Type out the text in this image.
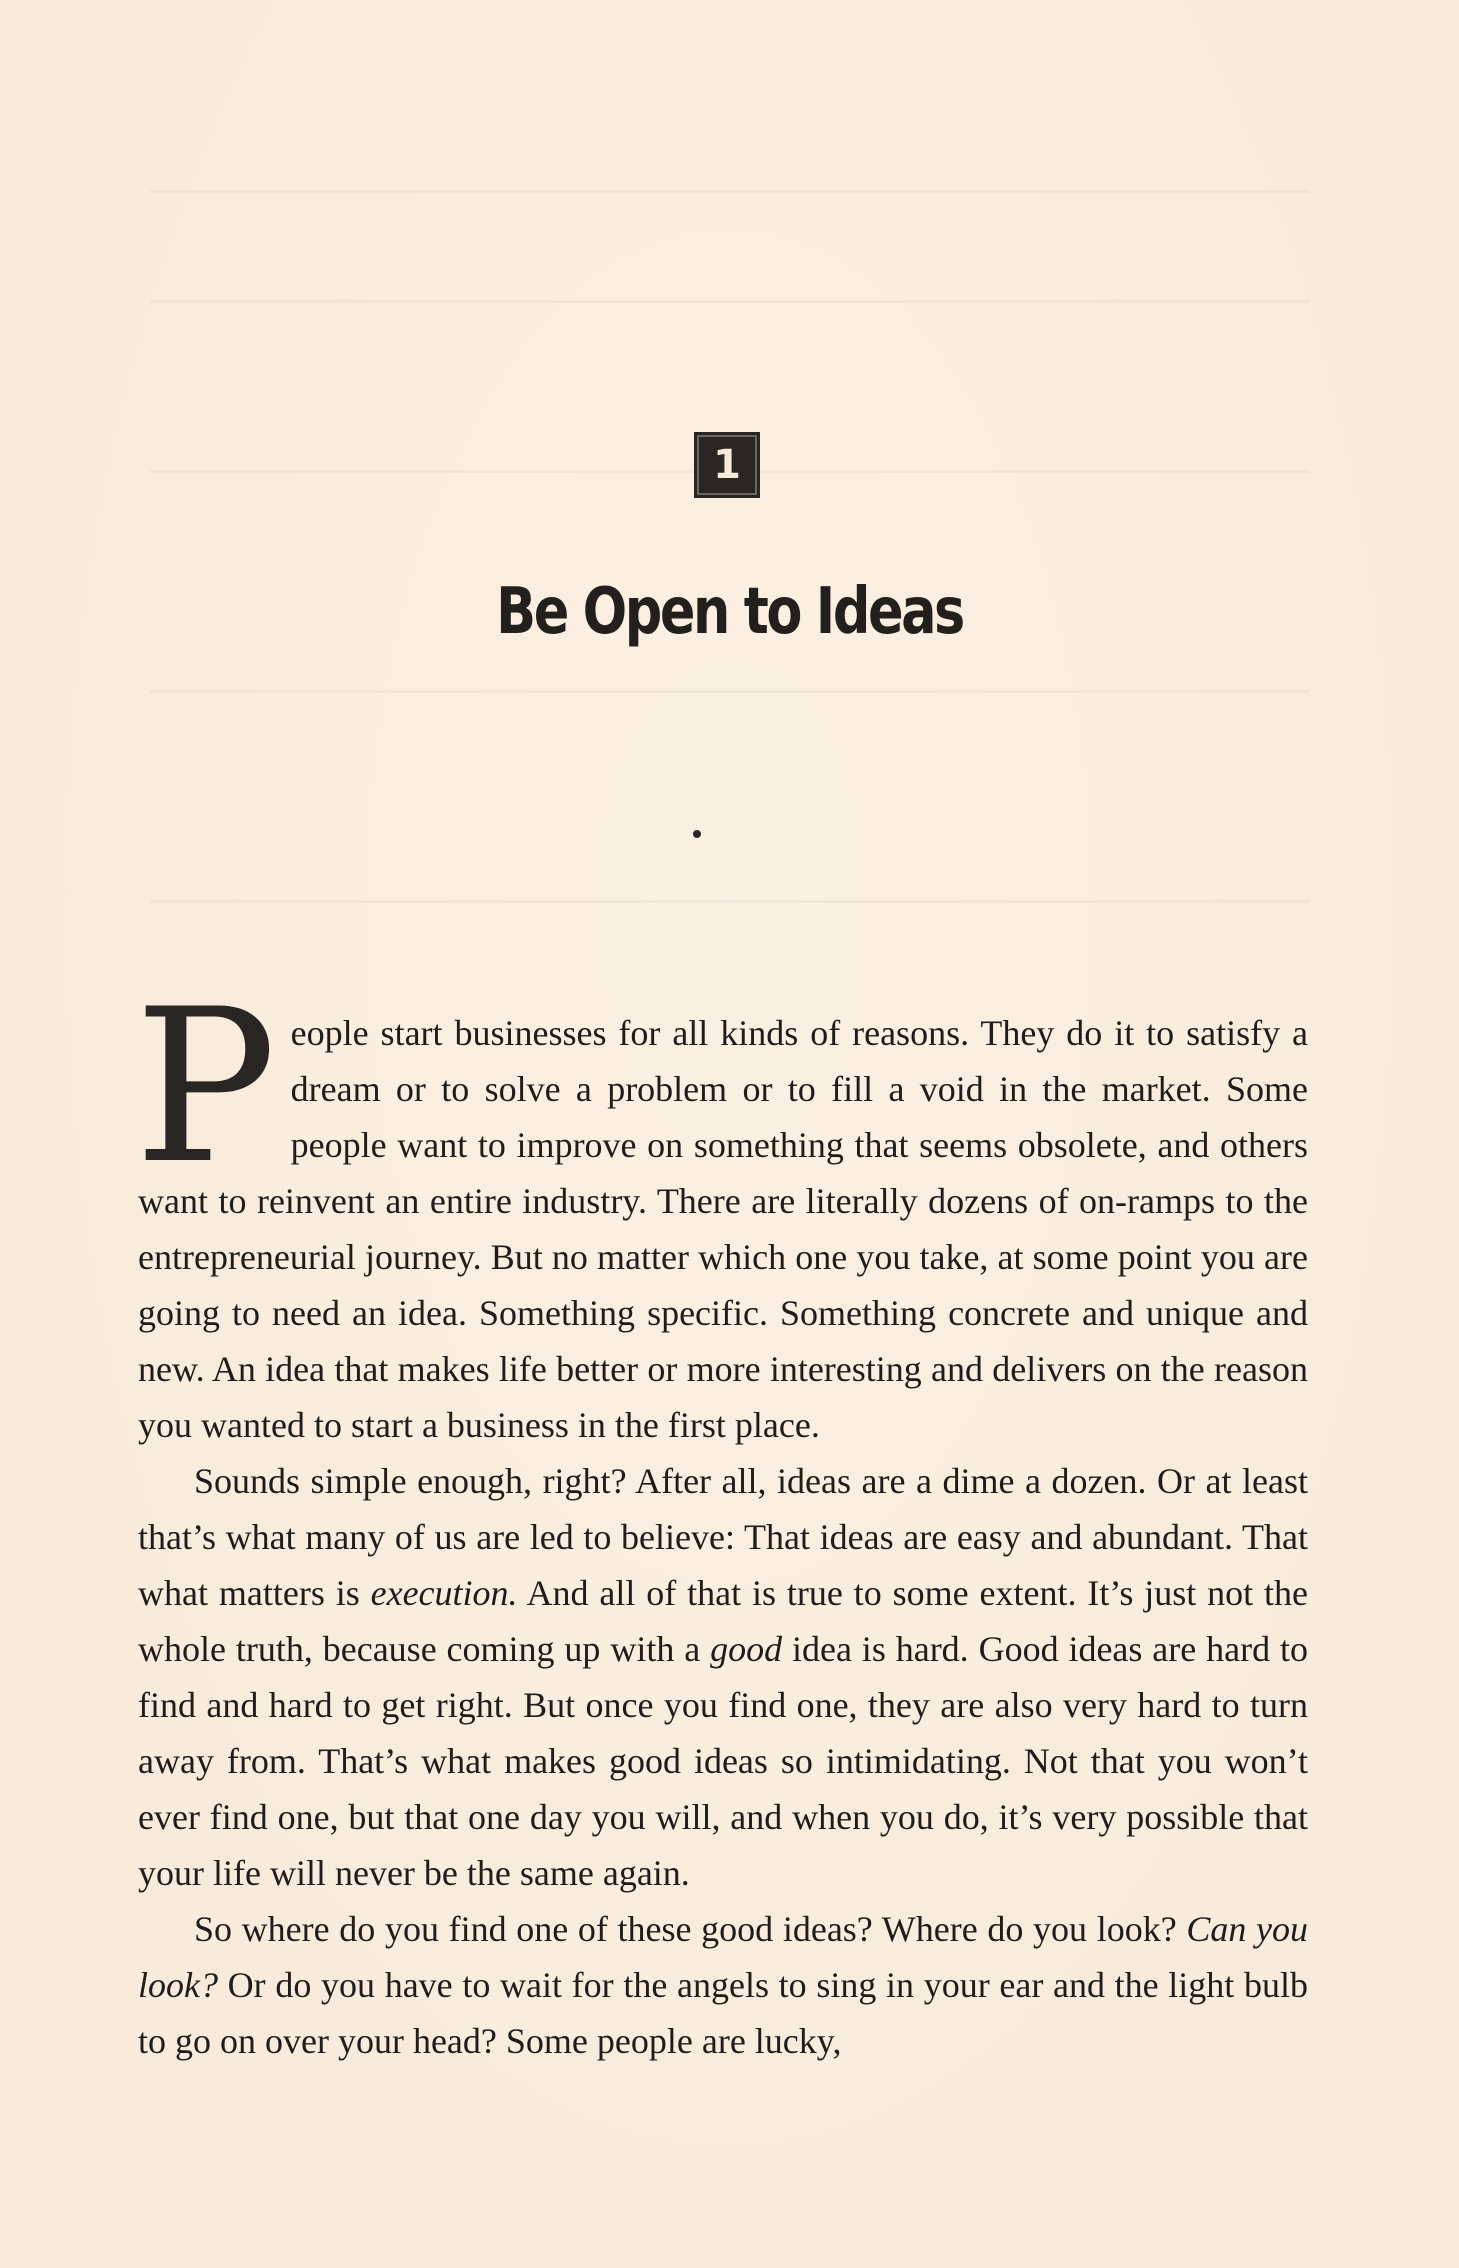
1
Be Open to Ideas

People start businesses for all kinds of reasons. They do it to satisfy a dream or to solve a problem or to fill a void in the market. Some people want to improve on something that seems obsolete, and others want to reinvent an entire industry. There are literally dozens of on-ramps to the entrepreneurial journey. But no matter which one you take, at some point you are going to need an idea. Something specific. Something concrete and unique and new. An idea that makes life better or more interesting and delivers on the reason you wanted to start a business in the first place.

Sounds simple enough, right? After all, ideas are a dime a dozen. Or at least that’s what many of us are led to believe: That ideas are easy and abundant. That what matters is execution. And all of that is true to some extent. It’s just not the whole truth, because coming up with a good idea is hard. Good ideas are hard to find and hard to get right. But once you find one, they are also very hard to turn away from. That’s what makes good ideas so intimidating. Not that you won’t ever find one, but that one day you will, and when you do, it’s very possible that your life will never be the same again.

So where do you find one of these good ideas? Where do you look? Can you look? Or do you have to wait for the angels to sing in your ear and the light bulb to go on over your head? Some people are lucky,
